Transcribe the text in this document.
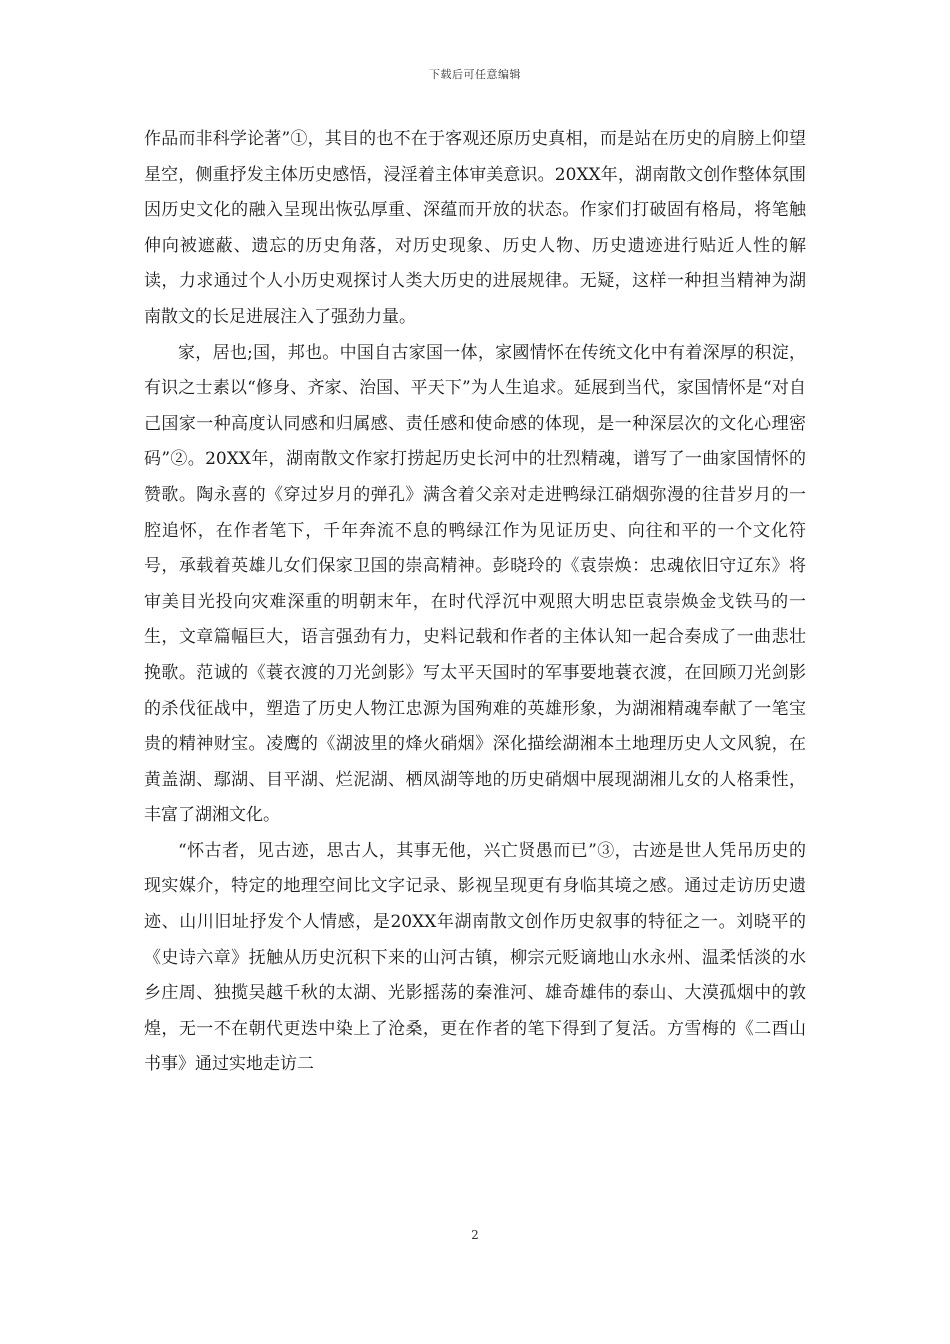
下载后可任意编辑

作品而非科学论著”①，其目的也不在于客观还原历史真相，而是站在历史的肩膀上仰望星空，侧重抒发主体历史感悟，浸淫着主体审美意识。20XX年，湖南散文创作整体氛围因历史文化的融入呈现出恢弘厚重、深蕴而开放的状态。作家们打破固有格局，将笔触伸向被遮蔽、遗忘的历史角落，对历史现象、历史人物、历史遗迹进行贴近人性的解读，力求通过个人小历史观探讨人类大历史的进展规律。无疑，这样一种担当精神为湖南散文的长足进展注入了强劲力量。

家，居也;国，邦也。中国自古家国一体，家國情怀在传统文化中有着深厚的积淀，有识之士素以“修身、齐家、治国、平天下”为人生追求。延展到当代，家国情怀是“对自己国家一种高度认同感和归属感、责任感和使命感的体现，是一种深层次的文化心理密码”②。20XX年，湖南散文作家打捞起历史长河中的壮烈精魂，谱写了一曲家国情怀的赞歌。陶永喜的《穿过岁月的弹孔》满含着父亲对走进鸭绿江硝烟弥漫的往昔岁月的一腔追怀，在作者笔下，千年奔流不息的鸭绿江作为见证历史、向往和平的一个文化符号，承载着英雄儿女们保家卫国的崇高精神。彭晓玲的《袁崇焕：忠魂依旧守辽东》将审美目光投向灾难深重的明朝末年，在时代浮沉中观照大明忠臣袁崇焕金戈铁马的一生，文章篇幅巨大，语言强劲有力，史料记载和作者的主体认知一起合奏成了一曲悲壮挽歌。范诚的《蓑衣渡的刀光剑影》写太平天国时的军事要地蓑衣渡，在回顾刀光剑影的杀伐征战中，塑造了历史人物江忠源为国殉难的英雄形象，为湖湘精魂奉献了一笔宝贵的精神财宝。凌鹰的《湖波里的烽火硝烟》深化描绘湖湘本土地理历史人文风貌，在黄盖湖、鄢湖、目平湖、烂泥湖、栖凤湖等地的历史硝烟中展现湖湘儿女的人格秉性，丰富了湖湘文化。

“怀古者，见古迹，思古人，其事无他，兴亡贤愚而已”③，古迹是世人凭吊历史的现实媒介，特定的地理空间比文字记录、影视呈现更有身临其境之感。通过走访历史遗迹、山川旧址抒发个人情感，是20XX年湖南散文创作历史叙事的特征之一。刘晓平的《史诗六章》抚触从历史沉积下来的山河古镇，柳宗元贬谪地山水永州、温柔恬淡的水乡庄周、独揽吴越千秋的太湖、光影摇荡的秦淮河、雄奇雄伟的泰山、大漠孤烟中的敦煌，无一不在朝代更迭中染上了沧桑，更在作者的笔下得到了复活。方雪梅的《二酉山书事》通过实地走访二

2
